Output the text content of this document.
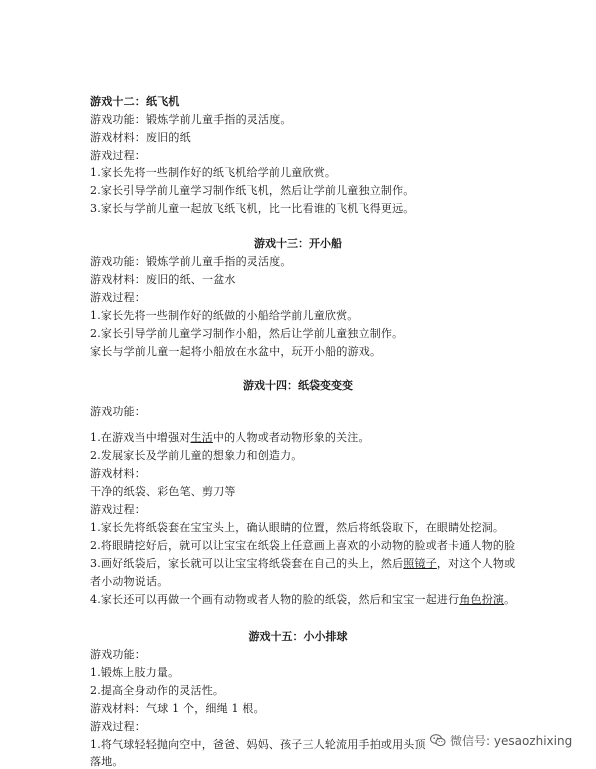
游戏十二：纸飞机
游戏功能：锻炼学前儿童手指的灵活度。
游戏材料：废旧的纸
游戏过程：
1.家长先将一些制作好的纸飞机给学前儿童欣赏。
2.家长引导学前儿童学习制作纸飞机，然后让学前儿童独立制作。
3.家长与学前儿童一起放飞纸飞机，比一比看谁的飞机飞得更远。
游戏十三：开小船
游戏功能：锻炼学前儿童手指的灵活度。
游戏材料：废旧的纸、一盆水
游戏过程：
1.家长先将一些制作好的纸做的小船给学前儿童欣赏。
2.家长引导学前儿童学习制作小船，然后让学前儿童独立制作。
家长与学前儿童一起将小船放在水盆中，玩开小船的游戏。
游戏十四：纸袋变变变
游戏功能：
1.在游戏当中增强对生活中的人物或者动物形象的关注。
2.发展家长及学前儿童的想象力和创造力。
游戏材料：
干净的纸袋、彩色笔、剪刀等
游戏过程：
1.家长先将纸袋套在宝宝头上，确认眼睛的位置，然后将纸袋取下，在眼睛处挖洞。
2.将眼睛挖好后，就可以让宝宝在纸袋上任意画上喜欢的小动物的脸或者卡通人物的脸
3.画好纸袋后，家长就可以让宝宝将纸袋套在自己的头上，然后照镜子，对这个人物或
者小动物说话。
4.家长还可以再做一个画有动物或者人物的脸的纸袋，然后和宝宝一起进行角色扮演。
游戏十五：小小排球
游戏功能：
1.锻炼上肢力量。
2.提高全身动作的灵活性。
游戏材料：气球 1 个，细绳 1 根。
游戏过程：
1.将气球轻轻抛向空中，爸爸、妈妈、孩子三人轮流用手拍或用头顶
落地。
微信号: yesaozhixing
